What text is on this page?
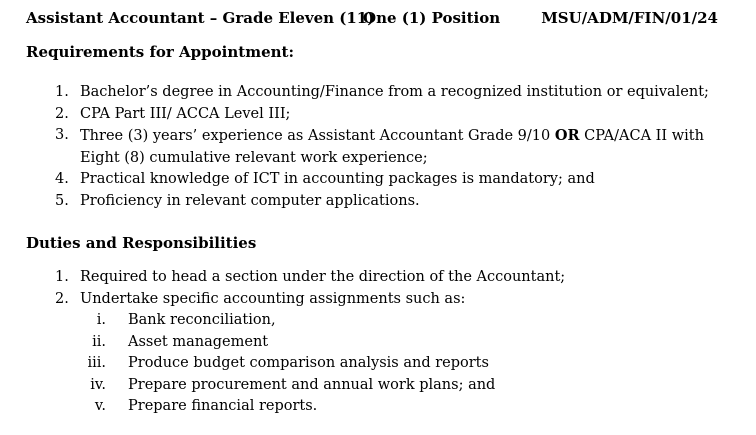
Assistant Accountant – Grade Eleven (11)
One (1) Position	MSU/ADM/FIN/01/24
Requirements for Appointment:
1. Bachelor’s degree in Accounting/Finance from a recognized institution or equivalent;
2. CPA Part III/ ACCA Level III;
3. Three (3) years’ experience as Assistant Accountant Grade 9/10 OR CPA/ACA II with Eight (8) cumulative relevant work experience;
4. Practical knowledge of ICT in accounting packages is mandatory; and
5. Proficiency in relevant computer applications.
Duties and Responsibilities
1. Required to head a section under the direction of the Accountant;
2. Undertake specific accounting assignments such as:
i. Bank reconciliation,
ii. Asset management
iii. Produce budget comparison analysis and reports
iv. Prepare procurement and annual work plans; and
v. Prepare financial reports.
